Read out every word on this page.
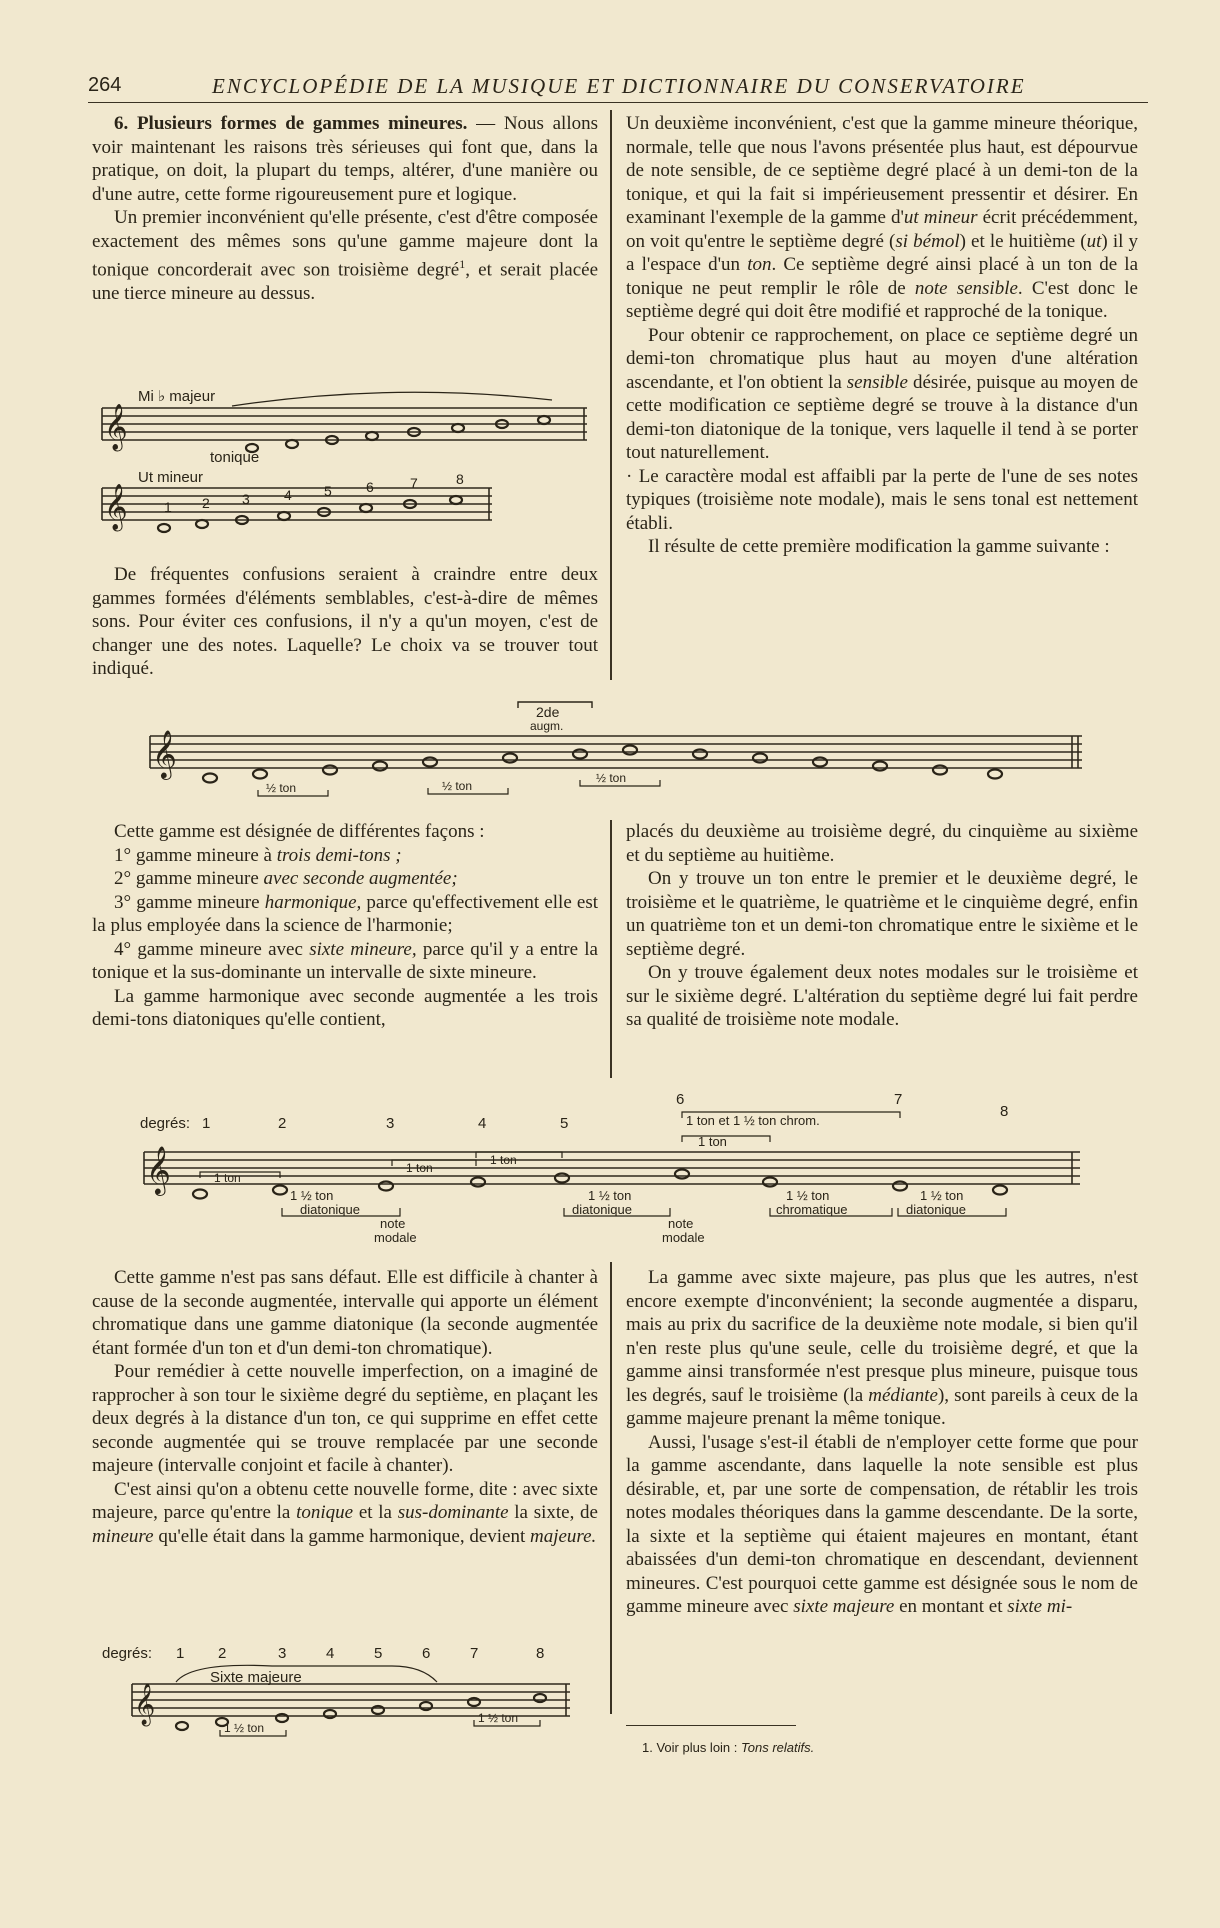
264	ENCYCLOPÉDIE DE LA MUSIQUE ET DICTIONNAIRE DU CONSERVATOIRE

6. Plusieurs formes de gammes mineures. — Nous allons voir maintenant les raisons très sérieuses qui font que, dans la pratique, on doit, la plupart du temps, altérer, d'une manière ou d'une autre, cette forme rigoureusement pure et logique.

Un premier inconvénient qu'elle présente, c'est d'être composée exactement des mêmes sons qu'une gamme majeure dont la tonique concorderait avec son troisième degré$^1$, et serait placée une tierce mineure au dessus.

Mi ♭ majeur
𝄞
tonique
Ut mineur
𝄞	1 2 3 4 5 6	7	8

De fréquentes confusions seraient à craindre entre deux gammes formées d'éléments semblables, c'est-à-dire de mêmes sons. Pour éviter ces confusions, il n'y a qu'un moyen, c'est de changer une des notes. Laquelle? Le choix va se trouver tout indiqué.

Un deuxième inconvénient, c'est que la gamme mineure théorique, normale, telle que nous l'avons présentée plus haut, est dépourvue de note sensible, de ce septième degré placé à un demi-ton de la tonique, et qui la fait si impérieusement pressentir et désirer. En examinant l'exemple de la gamme d'ut mineur écrit précédemment, on voit qu'entre le septième degré (si bémol) et le huitième (ut) il y a l'espace d'un ton. Ce septième degré ainsi placé à un ton de la tonique ne peut remplir le rôle de note sensible. C'est donc le septième degré qui doit être modifié et rapproché de la tonique.

Pour obtenir ce rapprochement, on place ce septième degré un demi-ton chromatique plus haut au moyen d'une altération ascendante, et l'on obtient la sensible désirée, puisque au moyen de cette modification ce septième degré se trouve à la distance d'un demi-ton diatonique de la tonique, vers laquelle il tend à se porter tout naturellement.

· Le caractère modal est affaibli par la perte de l'une de ses notes typiques (troisième note modale), mais le sens tonal est nettement établi.

Il résulte de cette première modification la gamme suivante :

2de
augm.
𝄞
½ ton	½ ton
½ ton

Cette gamme est désignée de différentes façons :

1° gamme mineure à trois demi-tons ;

2° gamme mineure avec seconde augmentée;

3° gamme mineure harmonique, parce qu'effectivement elle est la plus employée dans la science de l'harmonie;

4° gamme mineure avec sixte mineure, parce qu'il y a entre la tonique et la sus-dominante un intervalle de sixte mineure.

La gamme harmonique avec seconde augmentée a les trois demi-tons diatoniques qu'elle contient,

placés du deuxième au troisième degré, du cinquième au sixième et du septième au huitième.

On y trouve un ton entre le premier et le deuxième degré, le troisième et le quatrième, le quatrième et le cinquième degré, enfin un quatrième ton et un demi-ton chromatique entre le sixième et le septième degré.

On y trouve également deux notes modales sur le troisième et sur le sixième degré. L'altération du septième degré lui fait perdre sa qualité de troisième note modale.

degrés: 1	2	3	4	5
6	7
8
1 ton et 1 ½ ton chrom.
1 ton
𝄞	1 ton
1 ton
1 ton
1 ½ ton
diatonique
note
modale
1 ½ ton
diatonique
note
modale
1 ½ ton
chromatique
1 ½ ton
diatonique

Cette gamme n'est pas sans défaut. Elle est difficile à chanter à cause de la seconde augmentée, intervalle qui apporte un élément chromatique dans une gamme diatonique (la seconde augmentée étant formée d'un ton et d'un demi-ton chromatique).

Pour remédier à cette nouvelle imperfection, on a imaginé de rapprocher à son tour le sixième degré du septième, en plaçant les deux degrés à la distance d'un ton, ce qui supprime en effet cette seconde augmentée qui se trouve remplacée par une seconde majeure (intervalle conjoint et facile à chanter).

C'est ainsi qu'on a obtenu cette nouvelle forme, dite : avec sixte majeure, parce qu'entre la tonique et la sus-dominante la sixte, de mineure qu'elle était dans la gamme harmonique, devient majeure.

degrés: 1 2	3	4	5	6	7	8
Sixte majeure
𝄞
1 ½ ton
1 ½ ton

La gamme avec sixte majeure, pas plus que les autres, n'est encore exempte d'inconvénient; la seconde augmentée a disparu, mais au prix du sacrifice de la deuxième note modale, si bien qu'il n'en reste plus qu'une seule, celle du troisième degré, et que la gamme ainsi transformée n'est presque plus mineure, puisque tous les degrés, sauf le troisième (la médiante), sont pareils à ceux de la gamme majeure prenant la même tonique.

Aussi, l'usage s'est-il établi de n'employer cette forme que pour la gamme ascendante, dans laquelle la note sensible est plus désirable, et, par une sorte de compensation, de rétablir les trois notes modales théoriques dans la gamme descendante. De la sorte, la sixte et la septième qui étaient majeures en montant, étant abaissées d'un demi-ton chromatique en descendant, deviennent mineures. C'est pourquoi cette gamme est désignée sous le nom de gamme mineure avec sixte majeure en montant et sixte mi-

1. Voir plus loin : Tons relatifs.
